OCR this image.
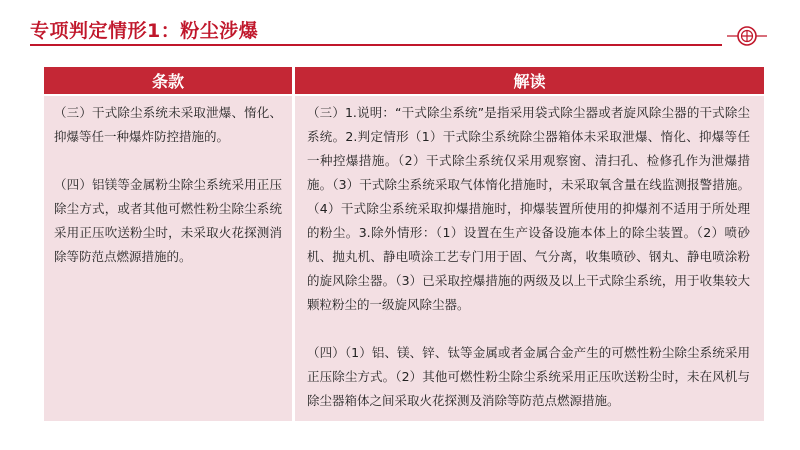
专项判定情形1：粉尘涉爆
条款	解读

（三）干式除尘系统未采取泄爆、惰化、抑爆等任一种爆炸防控措施的。

（四）铝镁等金属粉尘除尘系统采用正压除尘方式，或者其他可燃性粉尘除尘系统采用正压吹送粉尘时，未采取火花探测消除等防范点燃源措施的。

（三）1.说明：“干式除尘系统”是指采用袋式除尘器或者旋风除尘器的干式除尘系统。2.判定情形（1）干式除尘系统除尘器箱体未采取泄爆、惰化、抑爆等任一种控爆措施。（2）干式除尘系统仅采用观察窗、清扫孔、检修孔作为泄爆措施。（3）干式除尘系统采取气体惰化措施时，未采取氧含量在线监测报警措施。（4）干式除尘系统采取抑爆措施时，抑爆装置所使用的抑爆剂不适用于所处理的粉尘。3.除外情形：（1）设置在生产设备设施本体上的除尘装置。（2）喷砂机、抛丸机、静电喷涂工艺专门用于固、气分离，收集喷砂、钢丸、静电喷涂粉的旋风除尘器。（3）已采取控爆措施的两级及以上干式除尘系统，用于收集较大颗粒粉尘的一级旋风除尘器。

（四）（1）铝、镁、锌、钛等金属或者金属合金产生的可燃性粉尘除尘系统采用正压除尘方式。（2）其他可燃性粉尘除尘系统采用正压吹送粉尘时，未在风机与除尘器箱体之间采取火花探测及消除等防范点燃源措施。
